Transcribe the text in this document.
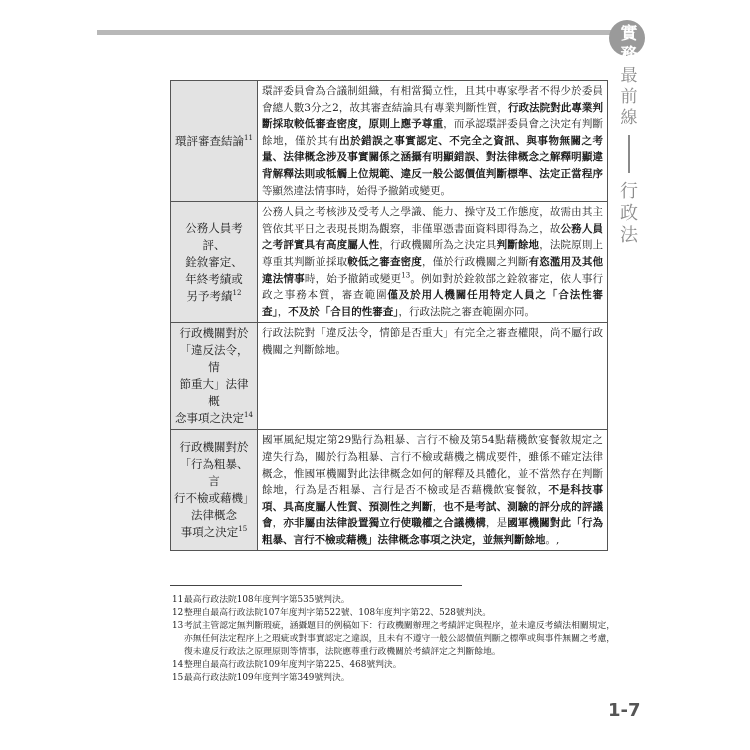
實
務
最
前
線
行
政
法
環評審查結論$^{11}$
環評委員會為合議制組織，有相當獨立性，且其中專家學者不得少於委員會總人數3分之2，故其審查結論具有專業判斷性質，行政法院對此專業判斷採取較低審查密度，原則上應予尊重，而承認環評委員會之決定有判斷餘地，僅於其有出於錯誤之事實認定、不完全之資訊、與事物無關之考量、法律概念涉及事實關係之涵攝有明顯錯誤、對法律概念之解釋明顯違背解釋法則或牴觸上位規範、違反一般公認價值判斷標準、法定正當程序等顯然違法情事時，始得予撤銷或變更。
公務人員考評、
銓敘審定、
年終考績或
另予考績$^{12}$
公務人員之考核涉及受考人之學識、能力、操守及工作態度，故需由其主管依其平日之表現長期為觀察，非僅單憑書面資料即得為之，故公務人員之考評實具有高度屬人性，行政機關所為之決定具判斷餘地，法院原則上尊重其判斷並採取較低之審查密度，僅於行政機關之判斷有恣濫用及其他違法情事時，始予撤銷或變更$^{13}$。例如對於銓敘部之銓敘審定，依人事行政之事務本質，審查範圍僅及於用人機關任用特定人員之「合法性審查」，不及於「合目的性審查」，行政法院之審查範圍亦同。
行政機關對於
「違反法令，情
節重大」法律概
念事項之決定$^{14}$
行政法院對「違反法令，情節是否重大」有完全之審查權限，尚不屬行政機關之判斷餘地。
行政機關對於
「行為粗暴、言
行不檢或藉機」
法律概念
事項之決定$^{15}$
國軍風紀規定第29點行為粗暴、言行不檢及第54點藉機飲宴餐敘規定之違失行為，關於行為粗暴、言行不檢或藉機之構成要件，雖係不確定法律概念，惟國軍機關對此法律概念如何的解釋及具體化，並不當然存在判斷餘地，行為是否粗暴、言行是否不檢或是否藉機飲宴餐敘，不是科技事項、具高度屬人性質、預測性之判斷，也不是考試、測驗的評分成的評議會，亦非屬由法律設置獨立行使職權之合議機構，是國軍機關對此「行為粗暴、言行不檢或藉機」法律概念事項之決定，並無判斷餘地。,
11 最高行政法院108年度判字第535號判決。
12 整理自最高行政法院107年度判字第522號、108年度判字第22、528號判決。
13 考試主管認定無判斷瑕疵，涵攝題目的例稿如下：行政機關辦理之考績評定與程序，並未違反考績法相關規定，亦無任何法定程序上之瑕疵或對事實認定之違誤，且未有不遵守一般公認價值判斷之標準或與事件無關之考慮，復未違反行政法之原理原則等情事，法院應尊重行政機關於考績評定之判斷餘地。
14 整理自最高行政法院109年度判字第225、468號判決。
15 最高行政法院109年度判字第349號判決。
1-7
